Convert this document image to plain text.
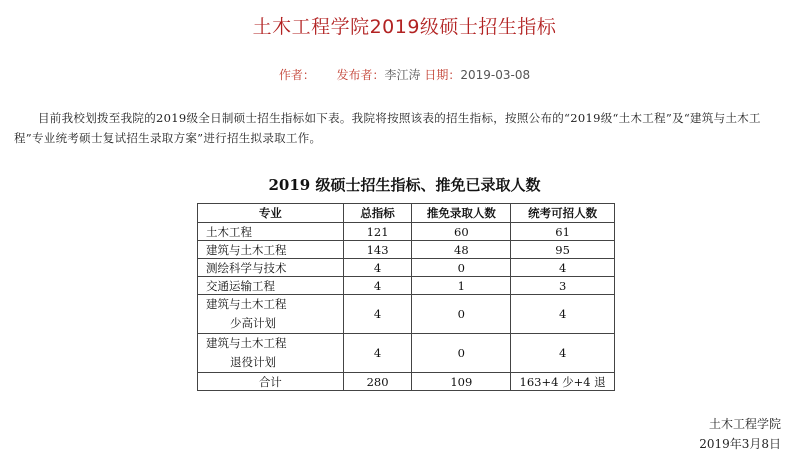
土木工程学院2019级硕士招生指标
作者： 发布者：李江涛 日期：2019-03-08
目前我校划拨至我院的2019级全日制硕士招生指标如下表。我院将按照该表的招生指标，按照公布的“2019级“土木工程”及“建筑与土木工程”专业统考硕士复试招生录取方案”进行招生拟录取工作。
2019 级硕士招生指标、推免已录取人数
专业	总指标	推免录取人数	统考可招人数
土木工程	121	60	61
建筑与土木工程	143	48	95
测绘科学与技术	4	0	4
交通运输工程	4	1	3

建筑与土木工程
少高计划	4	0	4

建筑与土木工程
退役计划	4	0	4
合计	280	109	163+4 少+4 退
土木工程学院
2019年3月8日
